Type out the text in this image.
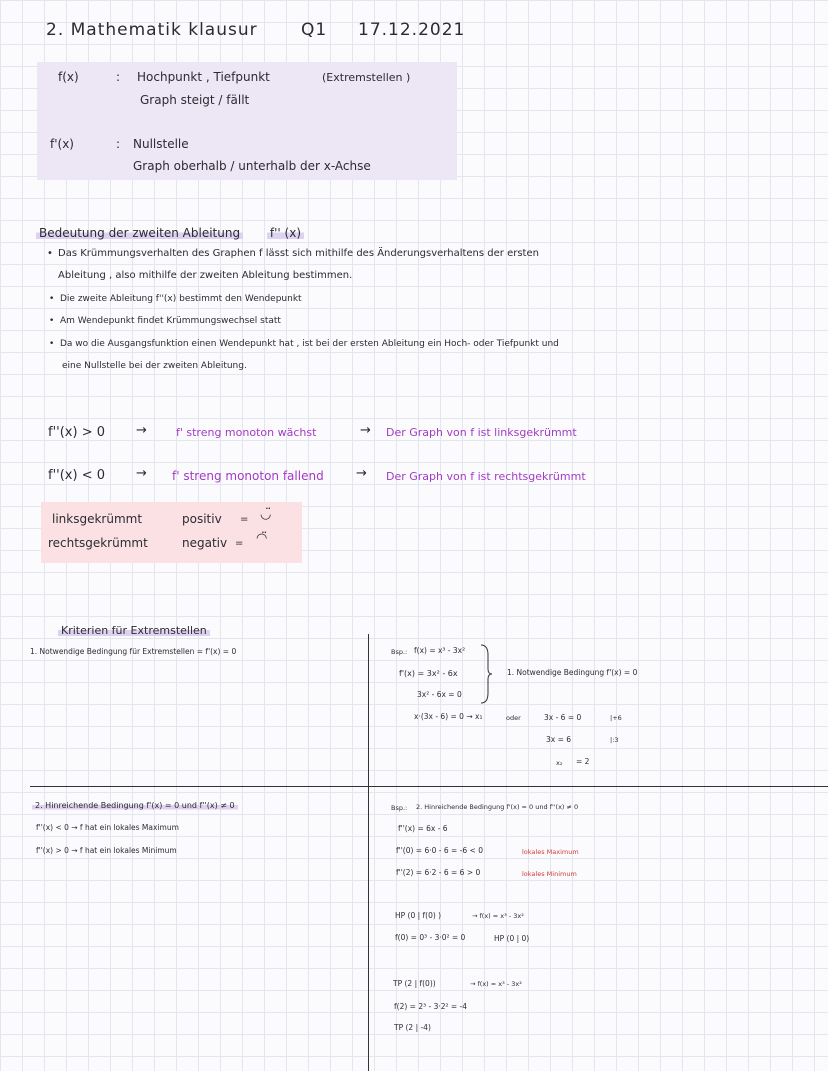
2. Mathematik klausur	Q1 17.12.2021
f(x)	: Hochpunkt , Tiefpunkt	(Extremstellen )
Graph steigt / fällt
f'(x)	: Nullstelle
Graph oberhalb / unterhalb der x-Achse
Bedeutung der zweiten Ableitung f'' (x)
• Das Krümmungsverhalten des Graphen f lässt sich mithilfe des Änderungsverhaltens der ersten
Ableitung , also mithilfe der zweiten Ableitung bestimmen.
• Die zweite Ableitung f''(x) bestimmt den Wendepunkt
• Am Wendepunkt findet Krümmungswechsel statt
• Da wo die Ausgangsfunktion einen Wendepunkt hat , ist bei der ersten Ableitung ein Hoch- oder Tiefpunkt und
eine Nullstelle bei der zweiten Ableitung.
f''(x) > 0 →	f' streng monoton wächst	→ Der Graph von f ist linksgekrümmt
f''(x) < 0 → f' streng monoton fallend → Der Graph von f ist rechtsgekrümmt
linksgekrümmt	positiv = ◡̈
rechtsgekrümmt	negativ = ◠̈
Kriterien für Extremstellen
1. Notwendige Bedingung für Extremstellen = f'(x) = 0	Bsp.: f(x) = x³ - 3x²
f'(x) = 3x² - 6x
3x² - 6x = 0
1. Notwendige Bedingung f'(x) = 0
x·(3x - 6) = 0 → x₁	oder	3x - 6 = 0	|+6
3x = 6	|:3
x₂ = 2
2. Hinreichende Bedingung f'(x) = 0 und f''(x) ≠ 0
f''(x) < 0 → f hat ein lokales Maximum
f''(x) > 0 → f hat ein lokales Minimum
Bsp.: 2. Hinreichende Bedingung f'(x) = 0 und f''(x) ≠ 0
f''(x) = 6x - 6
f''(0) = 6·0 - 6 = -6 < 0	lokales Maximum
f''(2) = 6·2 - 6 = 6 > 0	lokales Minimum
HP (0 | f(0) )	→ f(x) = x³ - 3x²
f(0) = 0³ - 3·0² = 0	HP (0 | 0)
TP (2 | f(0))	→ f(x) = x³ - 3x²
f(2) = 2³ - 3·2² = -4
TP (2 | -4)
